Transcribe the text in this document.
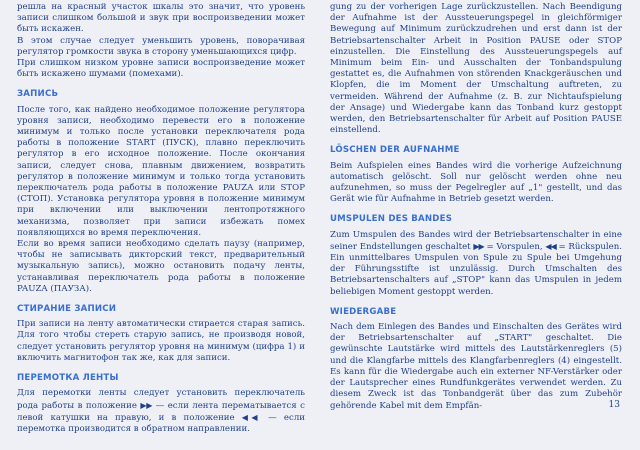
решла на красный участок шкалы это значит, что уровень записи слишком большой и звук при воспроизведении может быть искажен.

В этом случае следует уменьшить уровень, поворачивая регулятор громкости звука в сторону уменьшающихся цифр.

При слишком низком уровне записи воспроизведение может быть искажено шумами (помехами).

ЗАПИСЬ

После того, как найдено необходимое положение регулятора уровня записи, необходимо перевести его в положение минимум и только после установки переключателя рода работы в положение START (ПУСК), плавно переключить регулятор в его исходное положение. После окончания записи, следует снова, плавным движением, возвратить регулятор в положение минимум и только тогда установить переключатель рода работы в положение PAUZA или STOP (СТОП). Установка регулятора уровня в положение минимум при включении или выключении лентопротяжного механизма, позволяет при записи избежать помех появляющихся во время переключения.

Если во время записи необходимо сделать паузу (например, чтобы не записывать дикторский текст, предварительный музыкальную запись), можно остановить подачу ленты, устанавливая переключатель рода работы в положение PAUZA (ПАУЗА).

СТИРАНИЕ ЗАПИСИ

При записи на ленту автоматически стирается старая запись. Для того чтобы стереть старую запись, не производя новой, следует установить регулятор уровня на минимум (цифра 1) и включить магнитофон так же, как для записи.

ПЕРЕМОТКА ЛЕНТЫ

Для перемотки ленты следует установить переключатель рода работы в положение ▶▶ — если лента перематывается с левой катушки на правую, и в положение ◀◀ — если перемотка производится в обратном направлении.

gung zu der vorherigen Lage zurückzustellen. Nach Beendigung der Aufnahme ist der Aussteuerungspegel in gleichförmiger Bewegung auf Minimum zurückzudrehen und erst dann ist der Betriebsartenschalter Arbeit in Position PAUSE oder STOP einzustellen. Die Einstellung des Aussteuerungspegels auf Minimum beim Ein- und Ausschalten der Tonbandspulung gestattet es, die Aufnahmen von störenden Knackgeräuschen und Klopfen, die im Moment der Umschaltung auftreten, zu vermeiden. Während der Aufnahme (z. B. zur Nichtaufspielung der Ansage) und Wiedergabe kann das Tonband kurz gestoppt werden, den Betriebsartenschalter für Arbeit auf Position PAUSE einstellend.

LÖSCHEN DER AUFNAHME

Beim Aufspielen eines Bandes wird die vorherige Aufzeichnung automatisch gelöscht. Soll nur gelöscht werden ohne neu aufzunehmen, so muss der Pegelregler auf „1" gestellt, und das Gerät wie für Aufnahme in Betrieb gesetzt werden.

UMSPULEN DES BANDES

Zum Umspulen des Bandes wird der Betriebsartenschalter in eine seiner Endstellungen geschaltet ▶▶ = Vorspulen, ◀◀ = Rückspulen. Ein unmittelbares Umspulen von Spule zu Spule bei Umgehung der Führungsstifte ist unzulässig. Durch Umschalten des Betriebsartenschalters auf „STOP" kann das Umspulen in jedem beliebigen Moment gestoppt werden.

WIEDERGABE

Nach dem Einlegen des Bandes und Einschalten des Gerätes wird der Betriebsartenschalter auf „START" geschaltet. Die gewünschte Lautstärke wird mittels des Lautstärkenreglers (5) und die Klangfarbe mittels des Klangfarbenreglers (4) eingestellt. Es kann für die Wiedergabe auch ein externer NF-Verstärker oder der Lautsprecher eines Rundfunkgerätes verwendet werden. Zu diesem Zweck ist das Tonbandgerät über das zum Zubehör gehörende Kabel mit dem Empfän-	13
